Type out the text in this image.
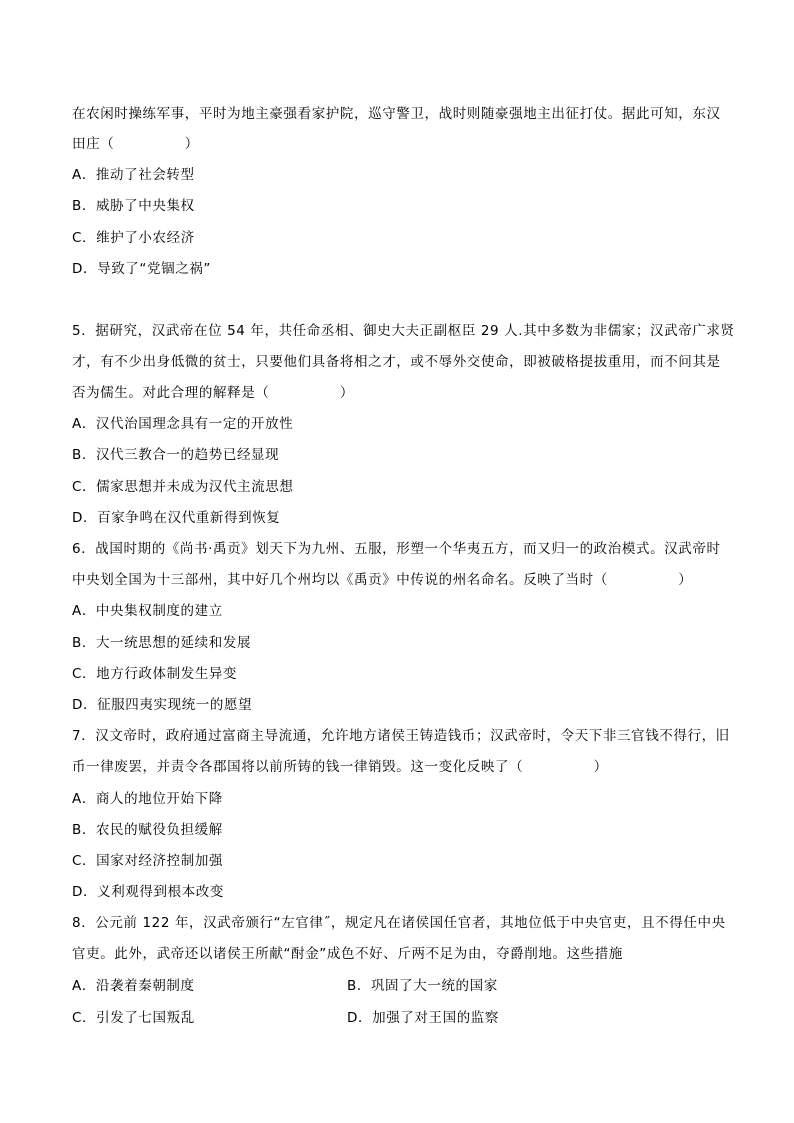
在农闲时操练军事，平时为地主豪强看家护院，巡守警卫，战时则随豪强地主出征打仗。据此可知，东汉
田庄（　　　　　）
A．推动了社会转型
B．威胁了中央集权
C．维护了小农经济
D．导致了“党锢之祸”
5．据研究，汉武帝在位 54 年，共任命丞相、御史大夫正副枢臣 29 人.其中多数为非儒家；汉武帝广求贤
才，有不少出身低微的贫士，只要他们具备将相之才，或不辱外交使命，即被破格提拔重用，而不问其是
否为儒生。对此合理的解释是（　　　　　）
A．汉代治国理念具有一定的开放性
B．汉代三教合一的趋势已经显现
C．儒家思想并未成为汉代主流思想
D．百家争鸣在汉代重新得到恢复
6．战国时期的《尚书·禹贡》划天下为九州、五服，形塑一个华夷五方，而又归一的政治模式。汉武帝时
中央划全国为十三部州，其中好几个州均以《禹贡》中传说的州名命名。反映了当时（　　　　　）
A．中央集权制度的建立
B．大一统思想的延续和发展
C．地方行政体制发生异变
D．征服四夷实现统一的愿望
7．汉文帝时，政府通过富商主导流通，允许地方诸侯王铸造钱币；汉武帝时，令天下非三官钱不得行，旧
币一律废罢，并责令各郡国将以前所铸的钱一律销毁。这一变化反映了（　　　　　）
A．商人的地位开始下降
B．农民的赋役负担缓解
C．国家对经济控制加强
D．义利观得到根本改变
8．公元前 122 年，汉武帝颁行“左官律˝，规定凡在诸侯国任官者，其地位低于中央官吏，且不得任中央
官吏。此外，武帝还以诸侯王所献“酎金”成色不好、斤两不足为由，夺爵削地。这些措施
A．沿袭着秦朝制度	B．巩固了大一统的国家
C．引发了七国叛乱	D．加强了对王国的监察
